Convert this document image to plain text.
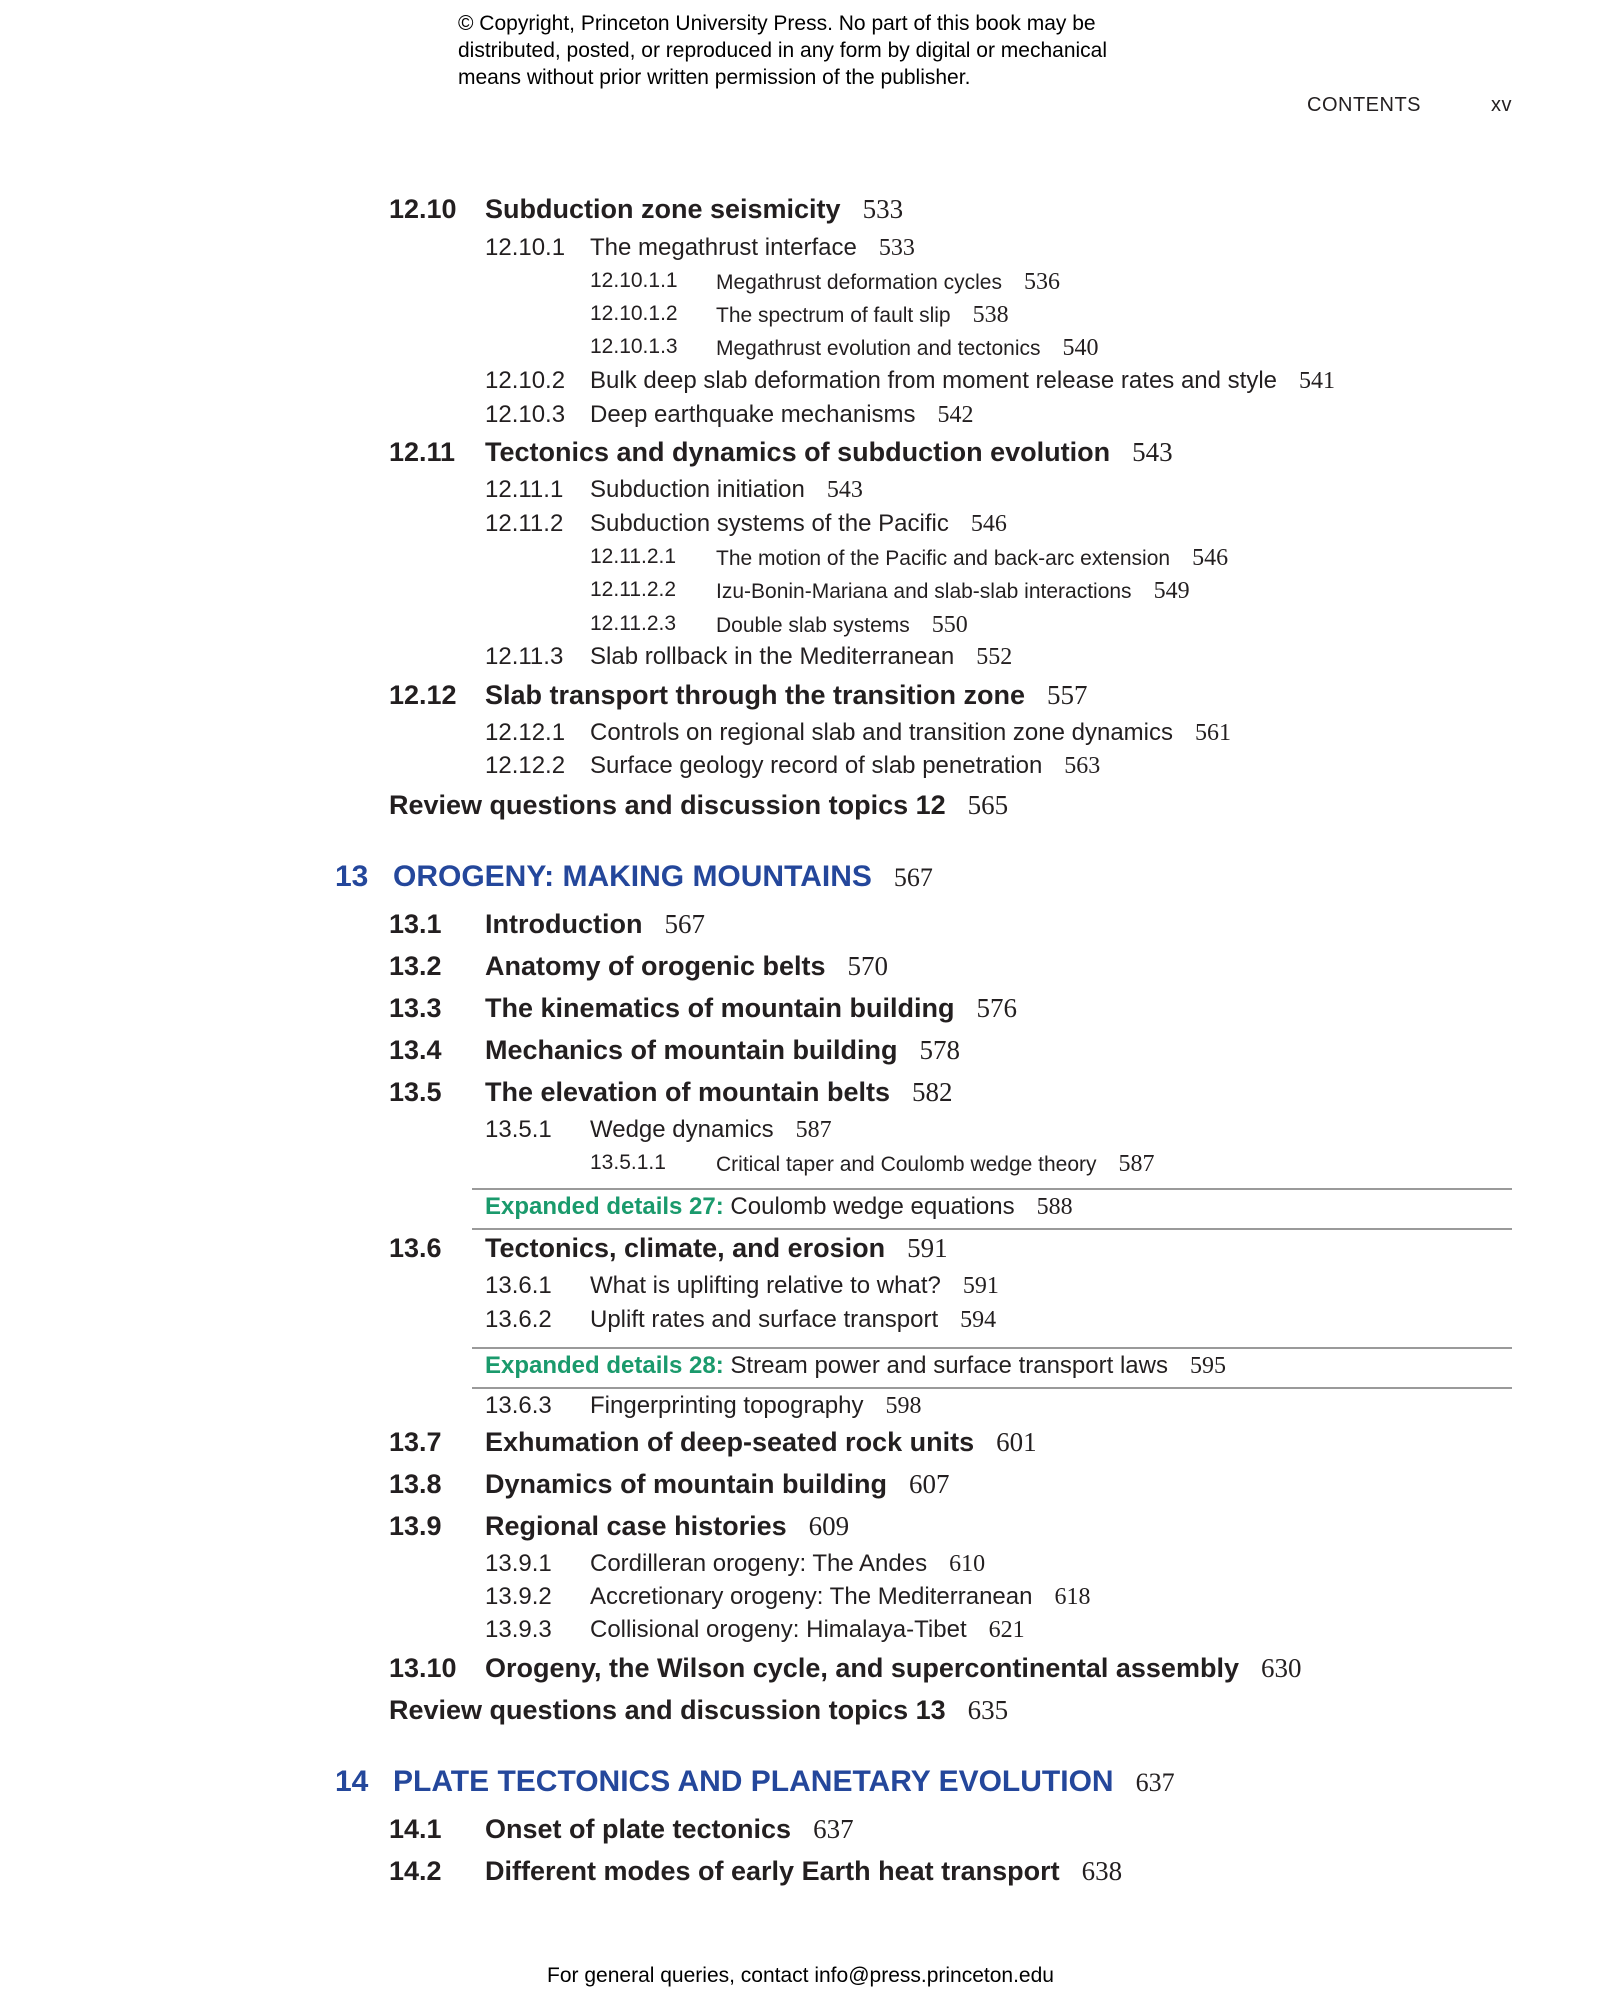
© Copyright, Princeton University Press. No part of this book may be
distributed, posted, or reproduced in any form by digital or mechanical
means without prior written permission of the publisher.
CONTENTS	xv
12.10 Subduction zone seismicity 533
12.10.1 The megathrust interface 533
12.10.1.1 Megathrust deformation cycles 536
12.10.1.2 The spectrum of fault slip 538
12.10.1.3 Megathrust evolution and tectonics 540
12.10.2 Bulk deep slab deformation from moment release rates and style 541
12.10.3 Deep earthquake mechanisms 542
12.11 Tectonics and dynamics of subduction evolution 543
12.11.1 Subduction initiation 543
12.11.2 Subduction systems of the Pacific 546
12.11.2.1 The motion of the Pacific and back-arc extension 546
12.11.2.2 Izu-Bonin-Mariana and slab-slab interactions 549
12.11.2.3 Double slab systems 550
12.11.3 Slab rollback in the Mediterranean 552
12.12 Slab transport through the transition zone 557
12.12.1 Controls on regional slab and transition zone dynamics 561
12.12.2 Surface geology record of slab penetration 563
Review questions and discussion topics 12 565
13 OROGENY: MAKING MOUNTAINS 567
13.1 Introduction 567
13.2 Anatomy of orogenic belts 570
13.3 The kinematics of mountain building 576
13.4 Mechanics of mountain building 578
13.5 The elevation of mountain belts 582
13.5.1 Wedge dynamics 587
13.5.1.1 Critical taper and Coulomb wedge theory 587
Expanded details 27: Coulomb wedge equations 588
13.6 Tectonics, climate, and erosion 591
13.6.1 What is uplifting relative to what? 591
13.6.2 Uplift rates and surface transport 594
Expanded details 28: Stream power and surface transport laws 595
13.6.3 Fingerprinting topography 598
13.7 Exhumation of deep-seated rock units 601
13.8 Dynamics of mountain building 607
13.9 Regional case histories 609
13.9.1 Cordilleran orogeny: The Andes 610
13.9.2 Accretionary orogeny: The Mediterranean 618
13.9.3 Collisional orogeny: Himalaya-Tibet 621
13.10 Orogeny, the Wilson cycle, and supercontinental assembly 630
Review questions and discussion topics 13 635
14 PLATE TECTONICS AND PLANETARY EVOLUTION 637
14.1 Onset of plate tectonics 637
14.2 Different modes of early Earth heat transport 638
For general queries, contact info@press.princeton.edu
